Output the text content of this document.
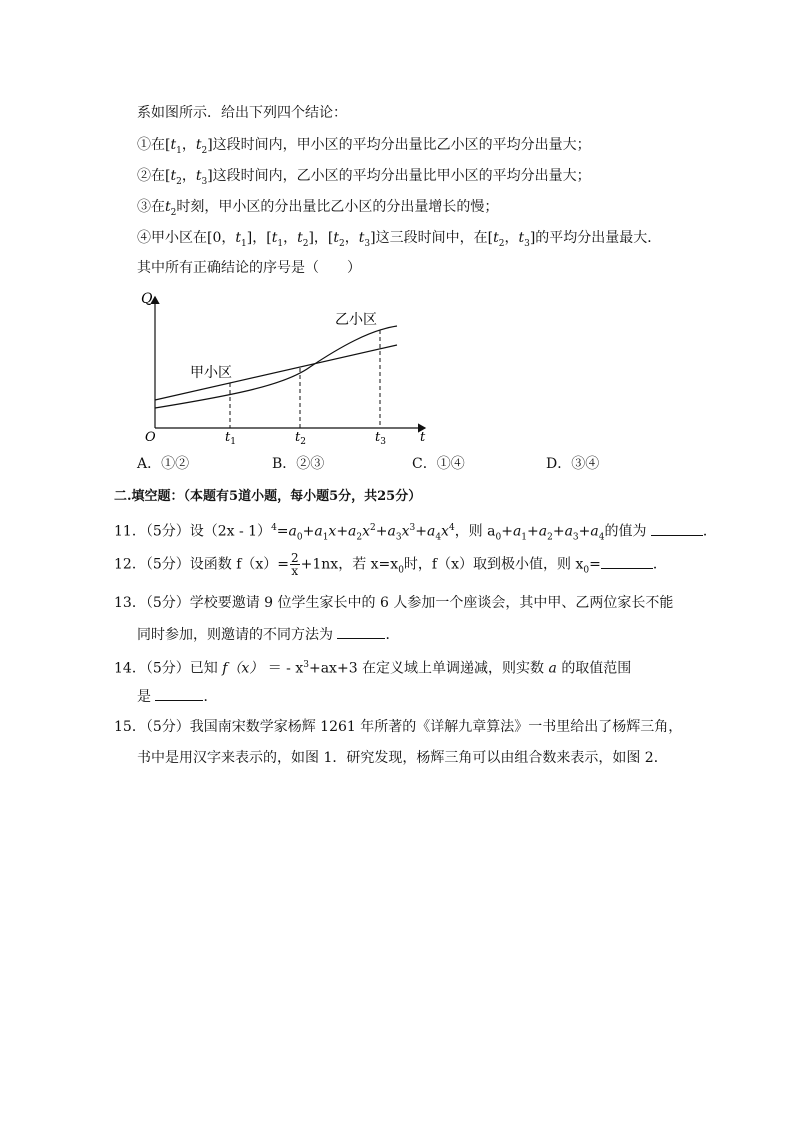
系如图所示．给出下列四个结论：
①在[$t_1$，$t_2$]这段时间内，甲小区的平均分出量比乙小区的平均分出量大；
②在[$t_2$，$t_3$]这段时间内，乙小区的平均分出量比甲小区的平均分出量大；
③在$t_2$时刻，甲小区的分出量比乙小区的分出量增长的慢；
④甲小区在[0，$t_1$]，[$t_1$，$t_2$]，[$t_2$，$t_3$]这三段时间中，在[$t_2$，$t_3$]的平均分出量最大．
其中所有正确结论的序号是（　　）
Q
t
O
甲小区
乙小区
$t_1$	$t_2$	$t_3$
A．①②	B．②③	C．①④	D．③④
二.填空题：（本题有5道小题，每小题5分，共25分）
11．（5分）设$(2x - 1)^4=a_0+a_1x+a_2x^2+a_3x^3+a_4x^4$，则 $a_0+a_1+a_2+a_3+a_4$的值为	．
12．（5分）设函数 $f(x)= \frac{2}{x} +1nx$，若 $x=x_0$时，f（x）取到极小值，则 $x_0=$	．
13．（5分）学校要邀请 9 位学生家长中的 6 人参加一个座谈会，其中甲、乙两位家长不能
同时参加，则邀请的不同方法为	．
14．（5分）已知 f（x） ＝ - $x^3+ax+3$ 在定义域上单调递减，则实数 a 的取值范围
是	．
15．（5分）我国南宋数学家杨辉 1261 年所著的《详解九章算法》一书里给出了杨辉三角，
书中是用汉字来表示的，如图 1．研究发现，杨辉三角可以由组合数来表示，如图 2．
